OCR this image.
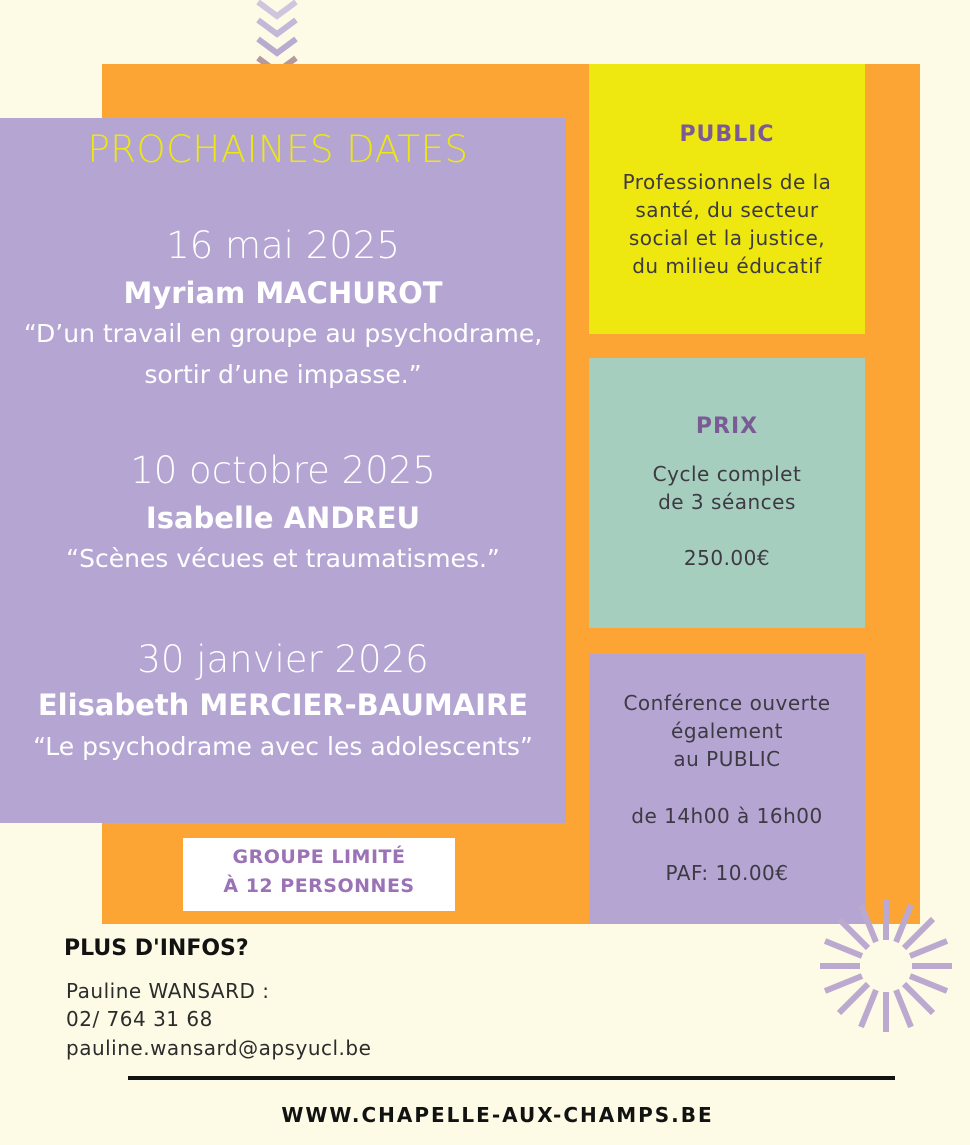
PROCHAINES DATES
16 mai 2025
Myriam MACHUROT
“D’un travail en groupe au psychodrame,
sortir d’une impasse.”
10 octobre 2025
Isabelle ANDREU
“Scènes vécues et traumatismes.”
30 janvier 2026
Elisabeth MERCIER-BAUMAIRE
“Le psychodrame avec les adolescents”
PUBLIC
Professionnels de la
santé, du secteur
social et la justice,
du milieu éducatif
PRIX
Cycle complet
de 3 séances
250.00€
Conférence ouverte
également
au PUBLIC
de 14h00 à 16h00
PAF: 10.00€
GROUPE LIMITÉ
À 12 PERSONNES
PLUS D'INFOS?
Pauline WANSARD :
02/ 764 31 68
pauline.wansard@apsyucl.be
WWW.CHAPELLE-AUX-CHAMPS.BE
